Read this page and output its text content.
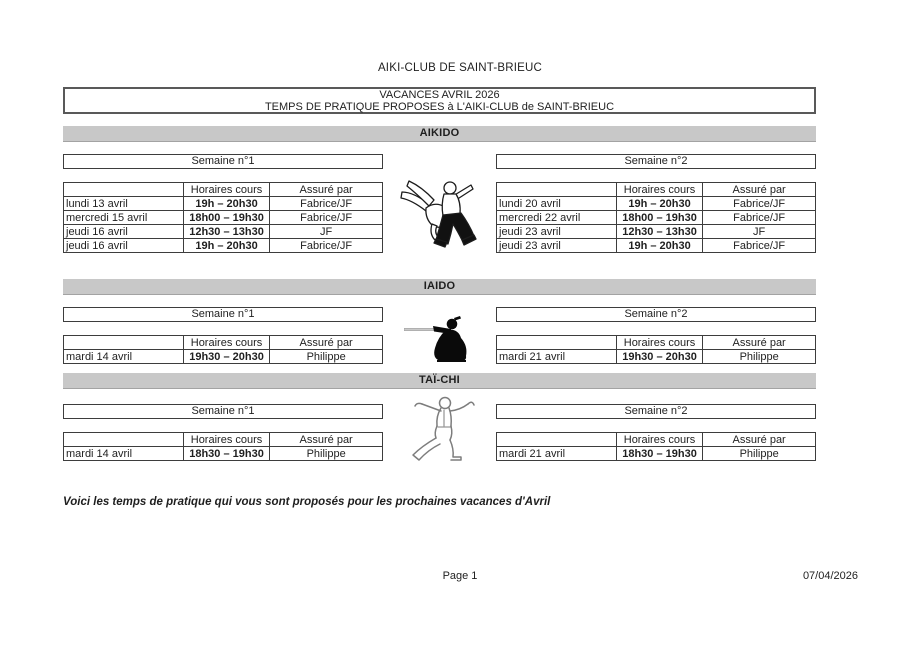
AIKI-CLUB DE SAINT-BRIEUC
VACANCES AVRIL 2026
TEMPS DE PRATIQUE PROPOSES à L'AIKI-CLUB de SAINT-BRIEUC
AIKIDO
Semaine n°1	Semaine n°2
	Horaires cours	Assuré par
lundi 13 avril	19h – 20h30	Fabrice/JF
mercredi 15 avril	18h00 – 19h30	Fabrice/JF
jeudi 16 avril	12h30 – 13h30	JF
jeudi 16 avril	19h – 20h30	Fabrice/JF
	Horaires cours	Assuré par
lundi 20 avril	19h – 20h30	Fabrice/JF
mercredi 22 avril	18h00 – 19h30	Fabrice/JF
jeudi 23 avril	12h30 – 13h30	JF
jeudi 23 avril	19h – 20h30	Fabrice/JF
IAIDO
Semaine n°1	Semaine n°2
	Horaires cours	Assuré par
mardi 14 avril	19h30 – 20h30	Philippe
	Horaires cours	Assuré par
mardi 21 avril	19h30 – 20h30	Philippe
TAÏ-CHI
Semaine n°1	Semaine n°2
	Horaires cours	Assuré par
mardi 14 avril	18h30 – 19h30	Philippe
	Horaires cours	Assuré par
mardi 21 avril	18h30 – 19h30	Philippe
Voici les temps de pratique qui vous sont proposés pour les prochaines vacances d'Avril
Page 1	07/04/2026
